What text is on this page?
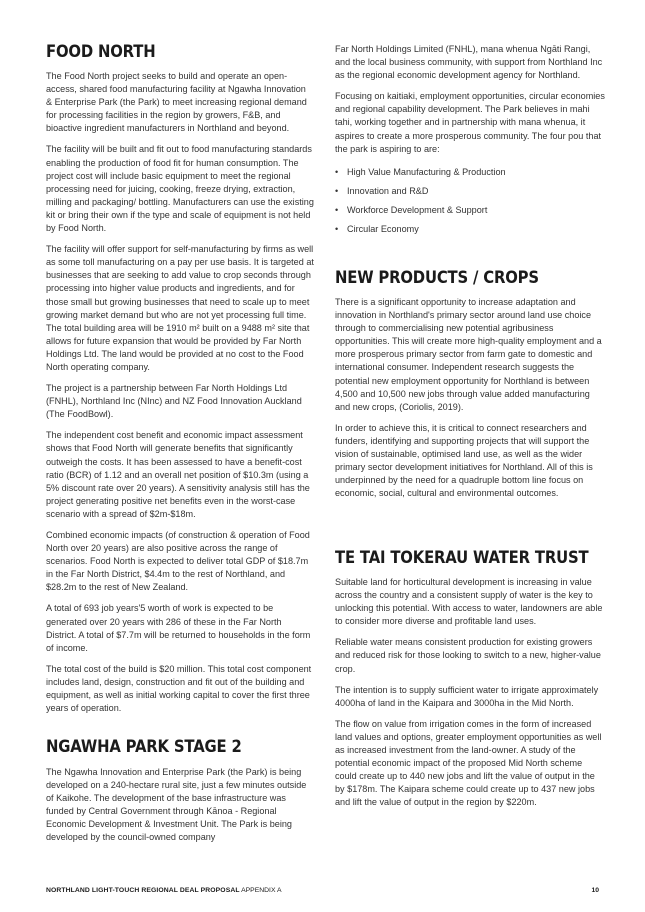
FOOD NORTH

The Food North project seeks to build and operate an open-access, shared food manufacturing facility at Ngawha Innovation & Enterprise Park (the Park) to meet increasing regional demand for processing facilities in the region by growers, F&B, and bioactive ingredient manufacturers in Northland and beyond.

The facility will be built and fit out to food manufacturing standards enabling the production of food fit for human consumption. The project cost will include basic equipment to meet the regional processing need for juicing, cooking, freeze drying, extraction, milling and packaging/ bottling. Manufacturers can use the existing kit or bring their own if the type and scale of equipment is not held by Food North.

The facility will offer support for self-manufacturing by firms as well as some toll manufacturing on a pay per use basis. It is targeted at businesses that are seeking to add value to crop seconds through processing into higher value products and ingredients, and for those small but growing businesses that need to scale up to meet growing market demand but who are not yet processing full time. The total building area will be 1910 m² built on a 9488 m² site that allows for future expansion that would be provided by Far North Holdings Ltd. The land would be provided at no cost to the Food North operating company.

The project is a partnership between Far North Holdings Ltd (FNHL), Northland Inc (NInc) and NZ Food Innovation Auckland (The FoodBowl).

The independent cost benefit and economic impact assessment shows that Food North will generate benefits that significantly outweigh the costs. It has been assessed to have a benefit-cost ratio (BCR) of 1.12 and an overall net position of $10.3m (using a 5% discount rate over 20 years). A sensitivity analysis still has the project generating positive net benefits even in the worst-case scenario with a spread of $2m-$18m.

Combined economic impacts (of construction & operation of Food North over 20 years) are also positive across the range of scenarios. Food North is expected to deliver total GDP of $18.7m in the Far North District, $4.4m to the rest of Northland, and $28.2m to the rest of New Zealand.

A total of 693 job years'5 worth of work is expected to be generated over 20 years with 286 of these in the Far North District. A total of $7.7m will be returned to households in the form of income.

The total cost of the build is $20 million. This total cost component includes land, design, construction and fit out of the building and equipment, as well as initial working capital to cover the first three years of operation.

NGAWHA PARK STAGE 2

The Ngawha Innovation and Enterprise Park (the Park) is being developed on a 240-hectare rural site, just a few minutes outside of Kaikohe. The development of the base infrastructure was funded by Central Government through Kānoa - Regional Economic Development & Investment Unit. The Park is being developed by the council-owned company

Far North Holdings Limited (FNHL), mana whenua Ngāti Rangi, and the local business community, with support from Northland Inc as the regional economic development agency for Northland.

Focusing on kaitiaki, employment opportunities, circular economies and regional capability development. The Park believes in mahi tahi, working together and in partnership with mana whenua, it aspires to create a more prosperous community. The four pou that the park is aspiring to are:

• High Value Manufacturing & Production
• Innovation and R&D
• Workforce Development & Support
• Circular Economy
NEW PRODUCTS / CROPS

There is a significant opportunity to increase adaptation and innovation in Northland's primary sector around land use choice through to commercialising new potential agribusiness opportunities. This will create more high-quality employment and a more prosperous primary sector from farm gate to domestic and international consumer. Independent research suggests the potential new employment opportunity for Northland is between 4,500 and 10,500 new jobs through value added manufacturing and new crops, (Coriolis, 2019).

In order to achieve this, it is critical to connect researchers and funders, identifying and supporting projects that will support the vision of sustainable, optimised land use, as well as the wider primary sector development initiatives for Northland. All of this is underpinned by the need for a quadruple bottom line focus on economic, social, cultural and environmental outcomes.

TE TAI TOKERAU WATER TRUST

Suitable land for horticultural development is increasing in value across the country and a consistent supply of water is the key to unlocking this potential. With access to water, landowners are able to consider more diverse and profitable land uses.

Reliable water means consistent production for existing growers and reduced risk for those looking to switch to a new, higher-value crop.

The intention is to supply sufficient water to irrigate approximately 4000ha of land in the Kaipara and 3000ha in the Mid North.

The flow on value from irrigation comes in the form of increased land values and options, greater employment opportunities as well as increased investment from the land-owner. A study of the potential economic impact of the proposed Mid North scheme could create up to 440 new jobs and lift the value of output in the by $178m. The Kaipara scheme could create up to 437 new jobs and lift the value of output in the region by $220m.

NORTHLAND LIGHT-TOUCH REGIONAL DEAL PROPOSAL APPENDIX A	10
